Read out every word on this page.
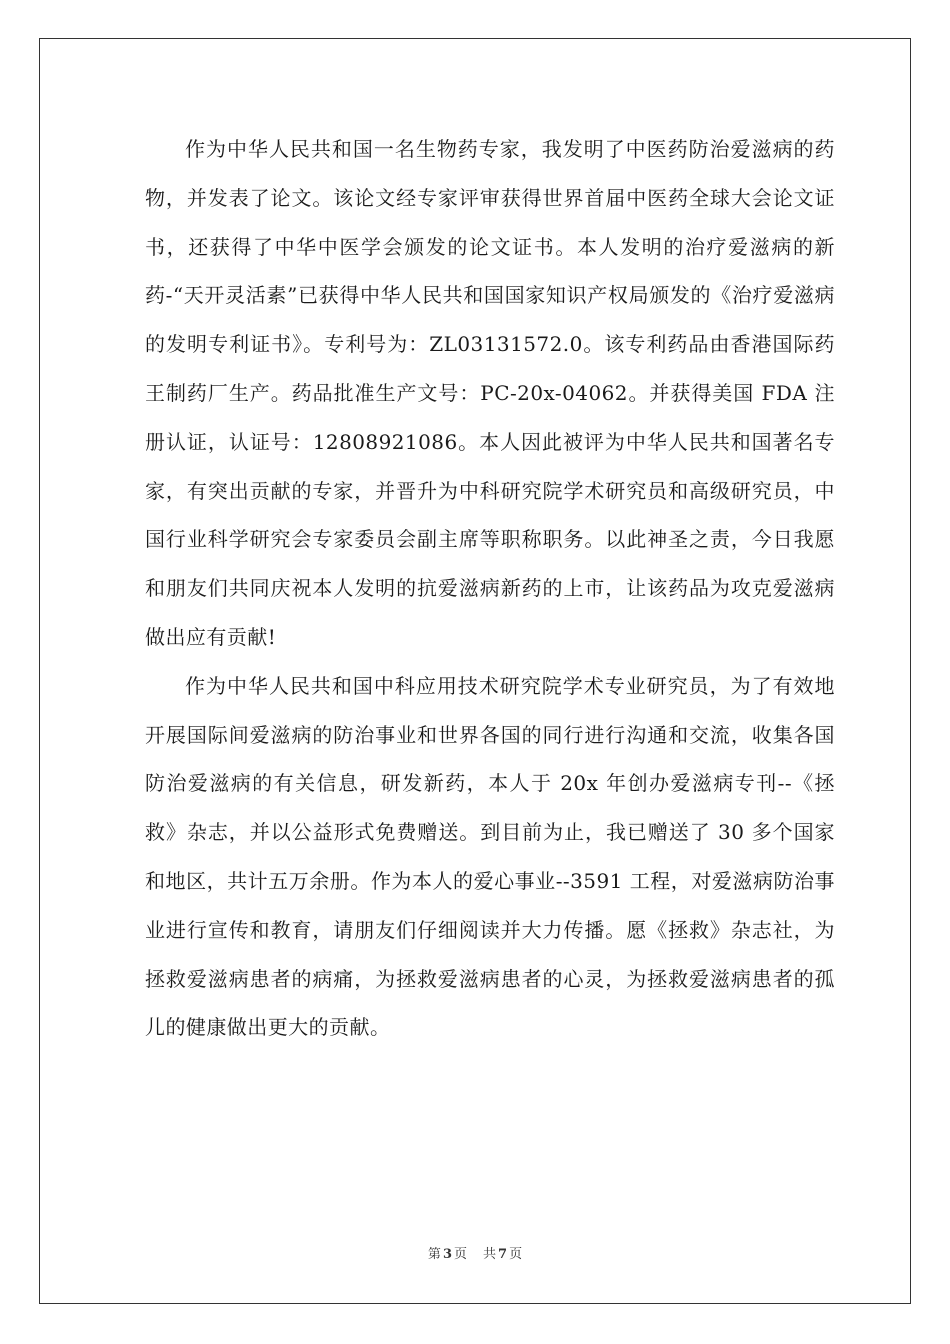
作为中华人民共和国一名生物药专家，我发明了中医药防治爱滋病的药物，并发表了论文。该论文经专家评审获得世界首届中医药全球大会论文证书，还获得了中华中医学会颁发的论文证书。本人发明的治疗爱滋病的新药-“天开灵活素”已获得中华人民共和国国家知识产权局颁发的《治疗爱滋病的发明专利证书》。专利号为：ZL03131572.0。该专利药品由香港国际药王制药厂生产。药品批准生产文号：PC-20x-04062。并获得美国 FDA 注册认证，认证号：12808921086。本人因此被评为中华人民共和国著名专家，有突出贡献的专家，并晋升为中科研究院学术研究员和高级研究员，中国行业科学研究会专家委员会副主席等职称职务。以此神圣之责，今日我愿和朋友们共同庆祝本人发明的抗爱滋病新药的上市，让该药品为攻克爱滋病做出应有贡献!

作为中华人民共和国中科应用技术研究院学术专业研究员，为了有效地开展国际间爱滋病的防治事业和世界各国的同行进行沟通和交流，收集各国防治爱滋病的有关信息，研发新药，本人于 20x 年创办爱滋病专刊--《拯救》杂志，并以公益形式免费赠送。到目前为止，我已赠送了 30 多个国家和地区，共计五万余册。作为本人的爱心事业--3591 工程，对爱滋病防治事业进行宣传和教育，请朋友们仔细阅读并大力传播。愿《拯救》杂志社，为拯救爱滋病患者的病痛，为拯救爱滋病患者的心灵，为拯救爱滋病患者的孤儿的健康做出更大的贡献。

第 3 页 共 7 页
